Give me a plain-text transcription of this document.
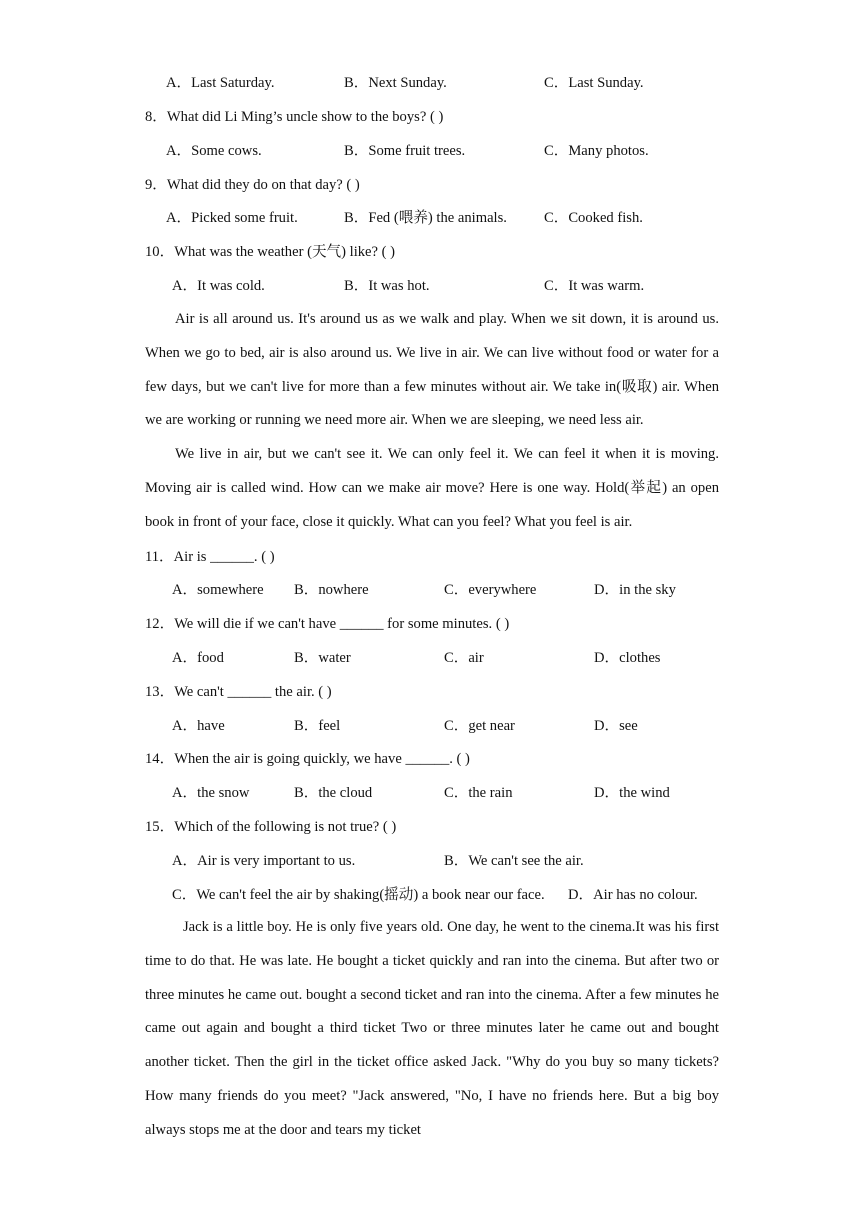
A．Last Saturday.	B．Next Sunday.	C．Last Sunday.
8．What did Li Ming’s uncle show to the boys? ( )
A．Some cows.	B．Some fruit trees.	C．Many photos.
9．What did they do on that day? ( )
A．Picked some fruit.	B．Fed (喂养) the animals.	C．Cooked fish.
10．What was the weather (天气) like? ( )
A．It was cold.	B．It was hot.	C．It was warm.

Air is all around us. It's around us as we walk and play. When we sit down, it is around us. When we go to bed, air is also around us. We live in air. We can live without food or water for a few days, but we can't live for more than a few minutes without air. We take in(吸取) air. When we are working or running we need more air. When we are sleeping, we need less air.

We live in air, but we can't see it. We can only feel it. We can feel it when it is moving. Moving air is called wind. How can we make air move? Here is one way. Hold(举起) an open book in front of your face, close it quickly. What can you feel? What you feel is air.

11．Air is ______. ( )
A．somewhere B．nowhere	C．everywhere	D．in the sky
12．We will die if we can't have ______ for some minutes. ( )
A．food	B．water	C．air	D．clothes
13．We can't ______ the air. ( )
A．have	B．feel	C．get near	D．see
14．When the air is going quickly, we have ______. ( )
A．the snow	B．the cloud	C．the rain	D．the wind
15．Which of the following is not true? ( )
A．Air is very important to us.	B．We can't see the air.
C．We can't feel the air by shaking(摇动) a book near our face. D．Air has no colour.

Jack is a little boy. He is only five years old. One day, he went to the cinema.It was his first time to do that. He was late. He bought a ticket quickly and ran into the cinema. But after two or three minutes he came out. bought a second ticket and ran into the cinema. After a few minutes he came out again and bought a third ticket Two or three minutes later he came out and bought another ticket. Then the girl in the ticket office asked Jack. "Why do you buy so many tickets? How many friends do you meet? "Jack answered, "No, I have no friends here. But a big boy always stops me at the door and tears my ticket
